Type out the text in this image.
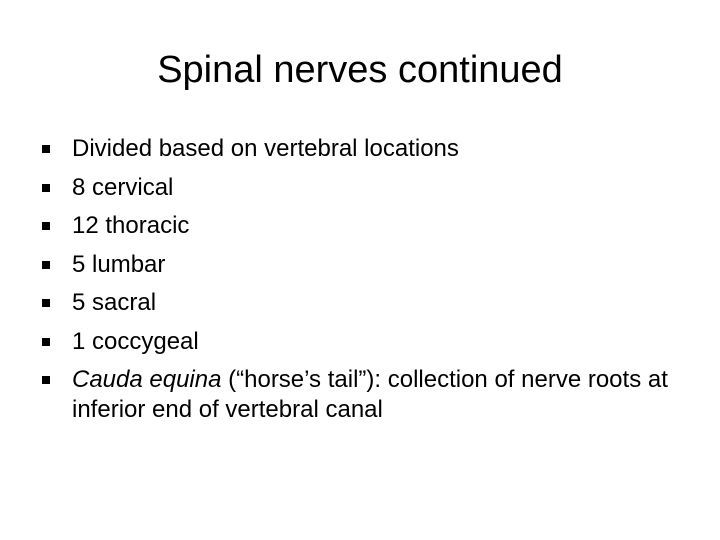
Spinal nerves continued
Divided based on vertebral locations
8 cervical
12 thoracic
5 lumbar
5 sacral
1 coccygeal
Cauda equina (“horse’s tail”): collection of nerve roots at inferior end of vertebral canal
